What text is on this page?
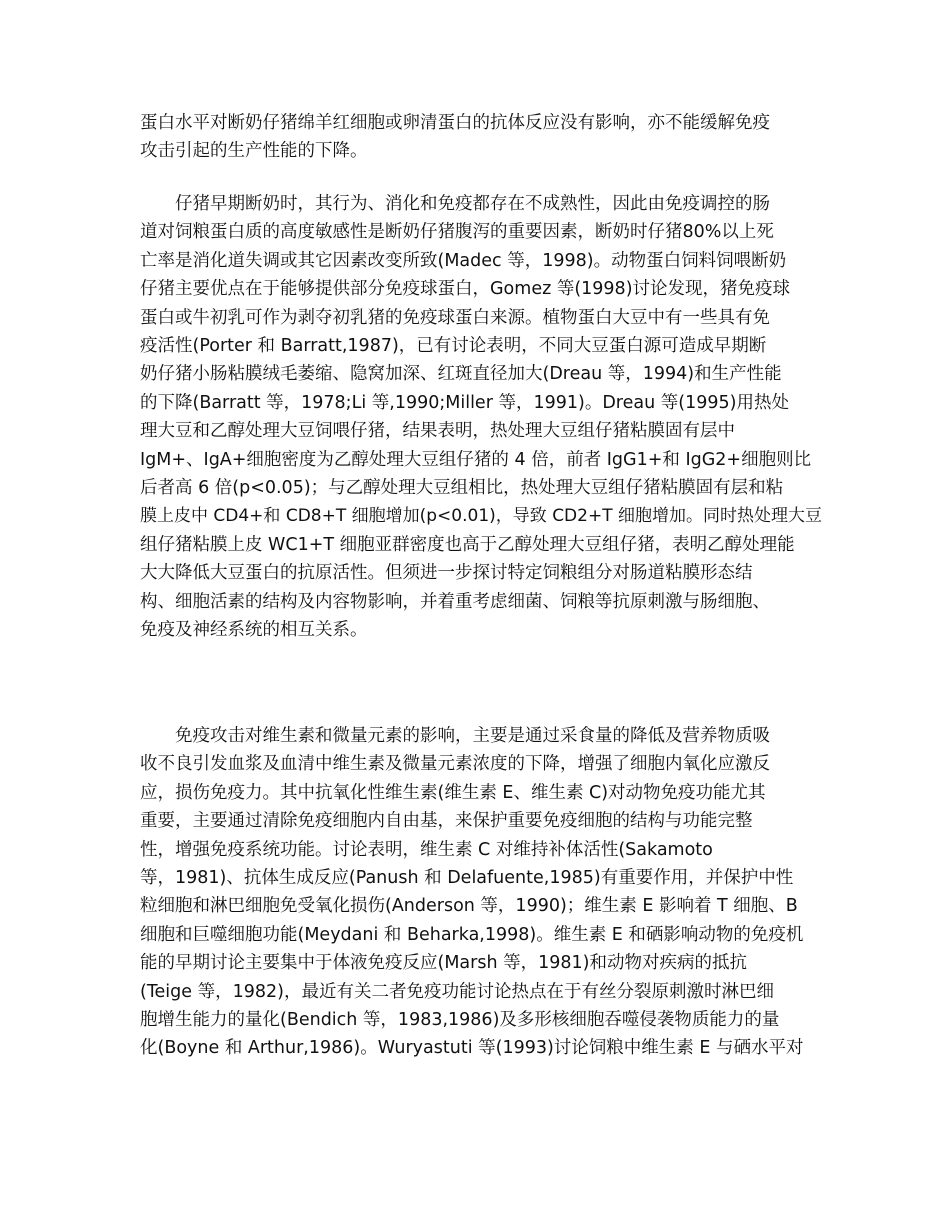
蛋白水平对断奶仔猪绵羊红细胞或卵清蛋白的抗体反应没有影响，亦不能缓解免疫
攻击引起的生产性能的下降。

仔猪早期断奶时，其行为、消化和免疫都存在不成熟性，因此由免疫调控的肠
道对饲粮蛋白质的高度敏感性是断奶仔猪腹泻的重要因素，断奶时仔猪80%以上死
亡率是消化道失调或其它因素改变所致(Madec 等，1998)。动物蛋白饲料饲喂断奶
仔猪主要优点在于能够提供部分免疫球蛋白，Gomez 等(1998)讨论发现，猪免疫球
蛋白或牛初乳可作为剥夺初乳猪的免疫球蛋白来源。植物蛋白大豆中有一些具有免
疫活性(Porter 和 Barratt,1987)，已有讨论表明，不同大豆蛋白源可造成早期断
奶仔猪小肠粘膜绒毛萎缩、隐窝加深、红斑直径加大(Dreau 等，1994)和生产性能
的下降(Barratt 等，1978;Li 等,1990;Miller 等，1991)。Dreau 等(1995)用热处
理大豆和乙醇处理大豆饲喂仔猪，结果表明，热处理大豆组仔猪粘膜固有层中
IgM+、IgA+细胞密度为乙醇处理大豆组仔猪的 4 倍，前者 IgG1+和 IgG2+细胞则比
后者高 6 倍(p<0.05)；与乙醇处理大豆组相比，热处理大豆组仔猪粘膜固有层和粘
膜上皮中 CD4+和 CD8+T 细胞增加(p<0.01)，导致 CD2+T 细胞增加。同时热处理大豆
组仔猪粘膜上皮 WC1+T 细胞亚群密度也高于乙醇处理大豆组仔猪，表明乙醇处理能
大大降低大豆蛋白的抗原活性。但须进一步探讨特定饲粮组分对肠道粘膜形态结
构、细胞活素的结构及内容物影响，并着重考虑细菌、饲粮等抗原刺激与肠细胞、
免疫及神经系统的相互关系。

免疫攻击对维生素和微量元素的影响，主要是通过采食量的降低及营养物质吸
收不良引发血浆及血清中维生素及微量元素浓度的下降，增强了细胞内氧化应激反
应，损伤免疫力。其中抗氧化性维生素(维生素 E、维生素 C)对动物免疫功能尤其
重要，主要通过清除免疫细胞内自由基，来保护重要免疫细胞的结构与功能完整
性，增强免疫系统功能。讨论表明，维生素 C 对维持补体活性(Sakamoto
等，1981)、抗体生成反应(Panush 和 Delafuente,1985)有重要作用，并保护中性
粒细胞和淋巴细胞免受氧化损伤(Anderson 等，1990)；维生素 E 影响着 T 细胞、B
细胞和巨噬细胞功能(Meydani 和 Beharka,1998)。维生素 E 和硒影响动物的免疫机
能的早期讨论主要集中于体液免疫反应(Marsh 等，1981)和动物对疾病的抵抗
(Teige 等，1982)，最近有关二者免疫功能讨论热点在于有丝分裂原刺激时淋巴细
胞增生能力的量化(Bendich 等，1983,1986)及多形核细胞吞噬侵袭物质能力的量
化(Boyne 和 Arthur,1986)。Wuryastuti 等(1993)讨论饲粮中维生素 E 与硒水平对
